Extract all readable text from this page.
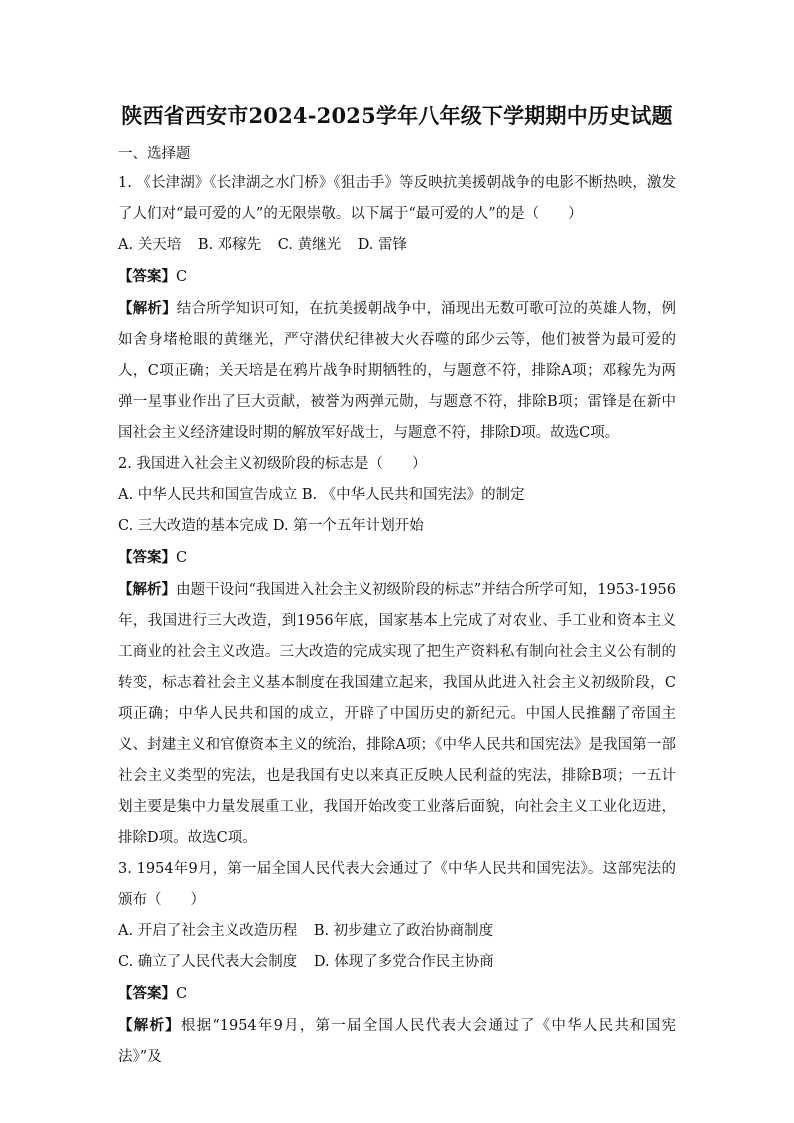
陕西省西安市2024-2025学年八年级下学期期中历史试题

一、选择题

1. 《长津湖》《长津湖之水门桥》《狙击手》等反映抗美援朝战争的电影不断热映，激发了人们对“最可爱的人”的无限崇敬。以下属于“最可爱的人”的是（　　）

A. 关天培 B. 邓稼先 C. 黄继光 D. 雷锋

【答案】C

【解析】结合所学知识可知，在抗美援朝战争中，涌现出无数可歌可泣的英雄人物，例如舍身堵枪眼的黄继光，严守潜伏纪律被大火吞噬的邱少云等，他们被誉为最可爱的人，C项正确；关天培是在鸦片战争时期牺牲的，与题意不符，排除A项；邓稼先为两弹一星事业作出了巨大贡献，被誉为两弹元勋，与题意不符，排除B项；雷锋是在新中国社会主义经济建设时期的解放军好战士，与题意不符，排除D项。故选C项。

2. 我国进入社会主义初级阶段的标志是（　　）

A. 中华人民共和国宣告成立 B. 《中华人民共和国宪法》的制定

C. 三大改造的基本完成 D. 第一个五年计划开始

【答案】C

【解析】由题干设问“我国进入社会主义初级阶段的标志”并结合所学可知，1953-1956年，我国进行三大改造，到1956年底，国家基本上完成了对农业、手工业和资本主义工商业的社会主义改造。三大改造的完成实现了把生产资料私有制向社会主义公有制的转变，标志着社会主义基本制度在我国建立起来，我国从此进入社会主义初级阶段，C项正确；中华人民共和国的成立，开辟了中国历史的新纪元。中国人民推翻了帝国主义、封建主义和官僚资本主义的统治，排除A项；《中华人民共和国宪法》是我国第一部社会主义类型的宪法，也是我国有史以来真正反映人民利益的宪法，排除B项；一五计划主要是集中力量发展重工业，我国开始改变工业落后面貌，向社会主义工业化迈进，排除D项。故选C项。

3. 1954年9月，第一届全国人民代表大会通过了《中华人民共和国宪法》。这部宪法的颁布（　　）

A. 开启了社会主义改造历程 B. 初步建立了政治协商制度

C. 确立了人民代表大会制度 D. 体现了多党合作民主协商

【答案】C

【解析】根据“1954年9月，第一届全国人民代表大会通过了《中华人民共和国宪法》”及
